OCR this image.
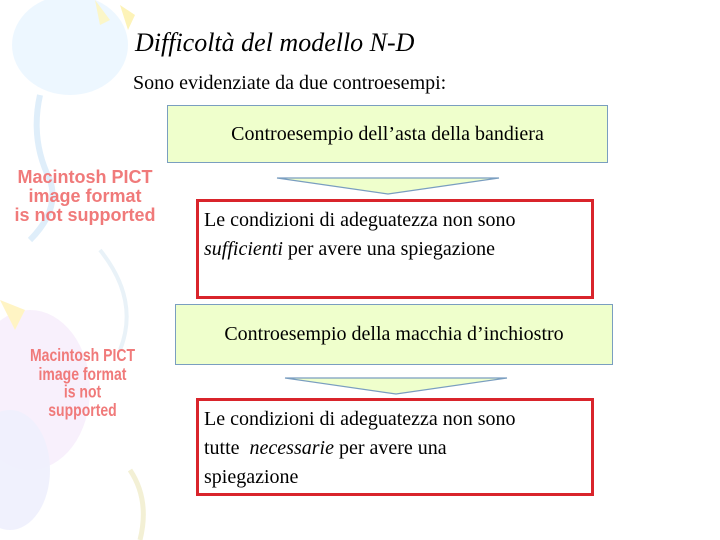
Difficoltà del modello N-D
Sono evidenziate da due controesempi:
Macintosh PICT
image format
is not supported
Macintosh PICT
image format
is not supported
Controesempio dell’asta della bandiera
Le condizioni di adeguatezza non sono
sufficienti per avere una spiegazione
Controesempio della macchia d’inchiostro
Le condizioni di adeguatezza non sono
tutte  necessarie per avere una
spiegazione
